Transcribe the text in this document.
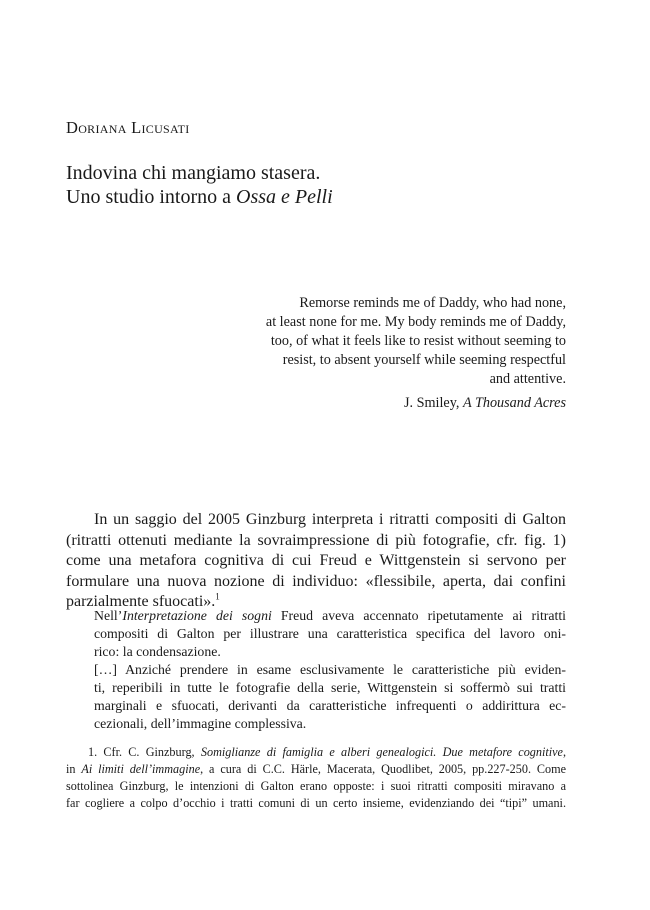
Doriana Licusati
Indovina chi mangiamo stasera.
Uno studio intorno a Ossa e Pelli
Remorse reminds me of Daddy, who had none,
at least none for me. My body reminds me of Daddy,
too, of what it feels like to resist without seeming to
resist, to absent yourself while seeming respectful
and attentive.
J. Smiley, A Thousand Acres
In un saggio del 2005 Ginzburg interpreta i ritratti compositi di Galton
(ritratti ottenuti mediante la sovraimpressione di più fotografie, cfr. fig. 1)
come una metafora cognitiva di cui Freud e Wittgenstein si servono per
formulare una nuova nozione di individuo: «flessibile, aperta, dai confini
parzialmente sfuocati».$^1$
Nell’Interpretazione dei sogni Freud aveva accennato ripetutamente ai ritratti
compositi di Galton per illustrare una caratteristica specifica del lavoro oni-
rico: la condensazione.
[…] Anziché prendere in esame esclusivamente le caratteristiche più eviden-
ti, reperibili in tutte le fotografie della serie, Wittgenstein si soffermò sui tratti
marginali e sfuocati, derivanti da caratteristiche infrequenti o addirittura ec-
cezionali, dell’immagine complessiva.
1. Cfr. C. Ginzburg, Somiglianze di famiglia e alberi genealogici. Due metafore cognitive,
in Ai limiti dell’immagine, a cura di C.C. Härle, Macerata, Quodlibet, 2005, pp.227-250. Come
sottolinea Ginzburg, le intenzioni di Galton erano opposte: i suoi ritratti compositi miravano a
far cogliere a colpo d’occhio i tratti comuni di un certo insieme, evidenziando dei “tipi” umani.
